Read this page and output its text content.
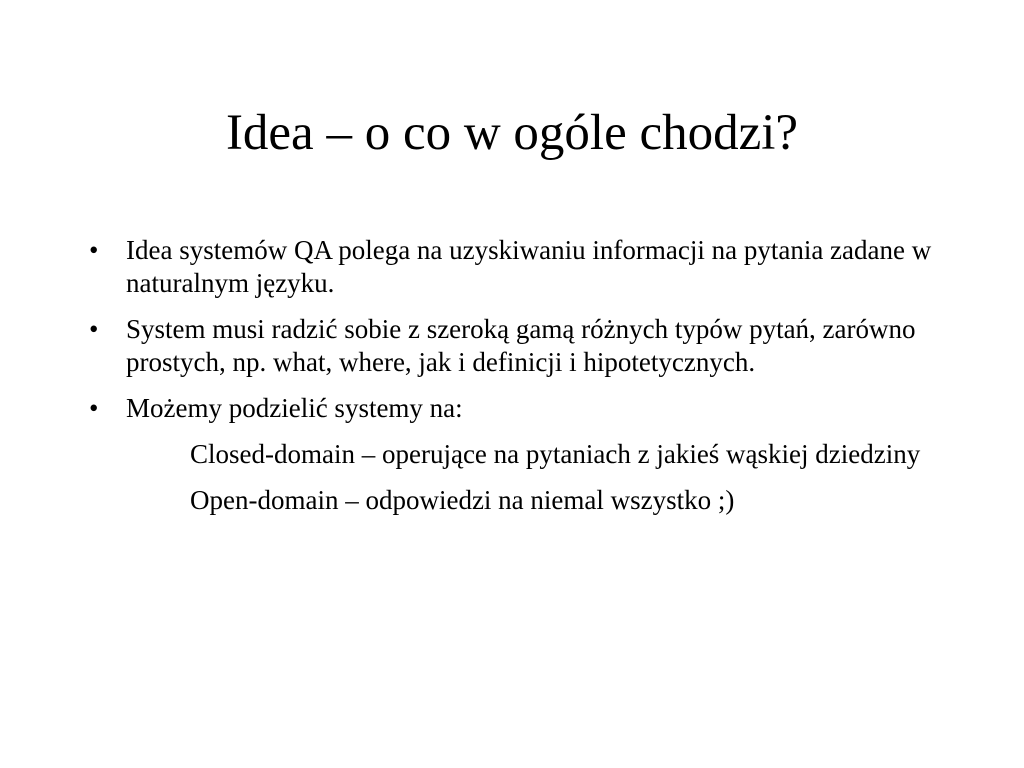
Idea – o co w ogóle chodzi?
• Idea systemów QA polega na uzyskiwaniu informacji na pytania zadane w naturalnym języku.
• System musi radzić sobie z szeroką gamą różnych typów pytań, zarówno prostych, np. what, where, jak i definicji i hipotetycznych.
• Możemy podzielić systemy na:
Closed-domain – operujące na pytaniach z jakieś wąskiej dziedziny
Open-domain – odpowiedzi na niemal wszystko ;)
